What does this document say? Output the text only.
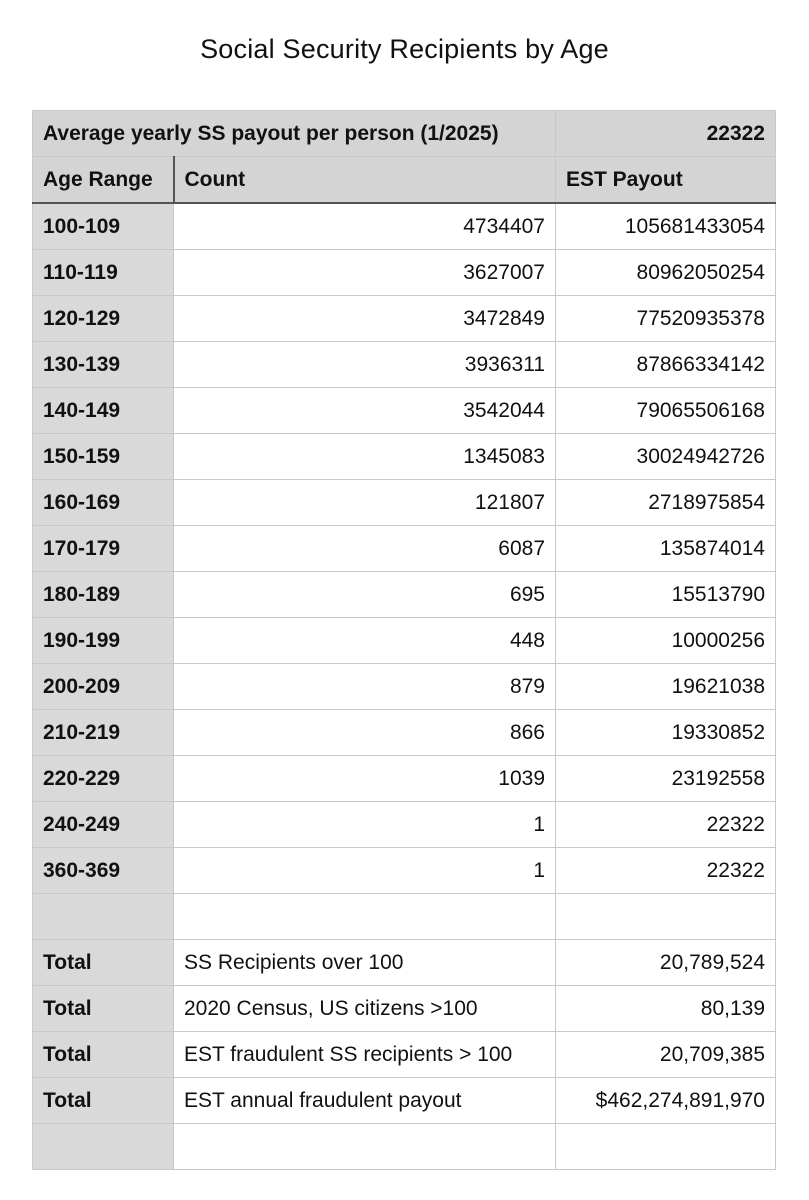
Social Security Recipients by Age
Average yearly SS payout per person (1/2025)		22322
Age Range	Count	EST Payout
100-109	4734407	105681433054
110-119	3627007	80962050254
120-129	3472849	77520935378
130-139	3936311	87866334142
140-149	3542044	79065506168
150-159	1345083	30024942726
160-169	121807	2718975854
170-179	6087	135874014
180-189	695	15513790
190-199	448	10000256
200-209	879	19621038
210-219	866	19330852
220-229	1039	23192558
240-249	1	22322
360-369	1	22322

Total	SS Recipients over 100	20,789,524
Total	2020 Census, US citizens >100	80,139
Total	EST fraudulent SS recipients > 100	20,709,385
Total	EST annual fraudulent payout	$462,274,891,970
